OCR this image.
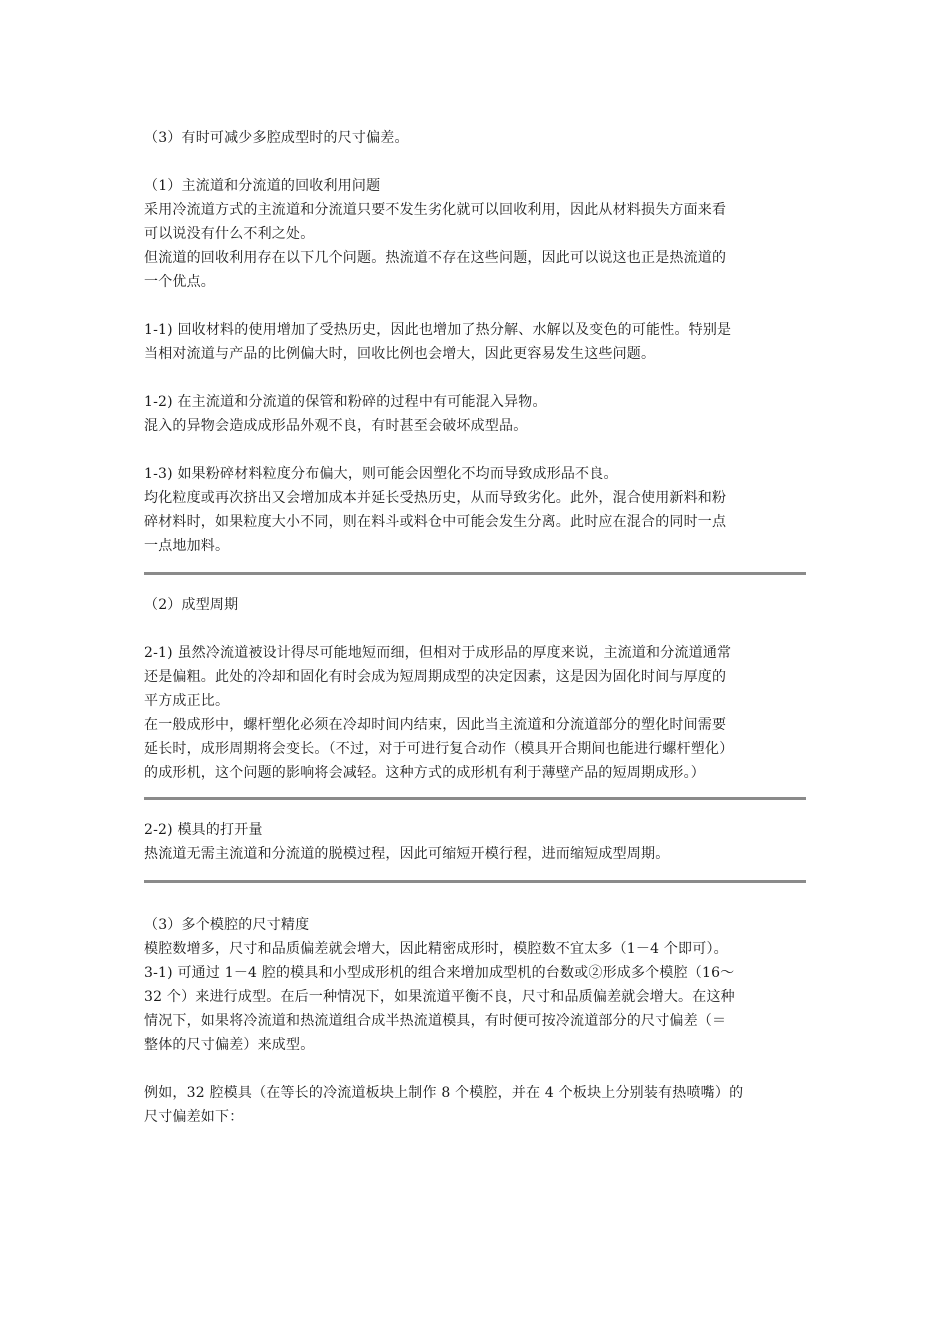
（3）有时可减少多腔成型时的尺寸偏差。
（1）主流道和分流道的回收利用问题
采用冷流道方式的主流道和分流道只要不发生劣化就可以回收利用，因此从材料损失方面来看
可以说没有什么不利之处。
但流道的回收利用存在以下几个问题。热流道不存在这些问题，因此可以说这也正是热流道的
一个优点。
1-1) 回收材料的使用增加了受热历史，因此也增加了热分解、水解以及变色的可能性。特别是
当相对流道与产品的比例偏大时，回收比例也会增大，因此更容易发生这些问题。
1-2) 在主流道和分流道的保管和粉碎的过程中有可能混入异物。
混入的异物会造成成形品外观不良，有时甚至会破坏成型品。
1-3) 如果粉碎材料粒度分布偏大，则可能会因塑化不均而导致成形品不良。
均化粒度或再次挤出又会增加成本并延长受热历史，从而导致劣化。此外，混合使用新料和粉
碎材料时，如果粒度大小不同，则在料斗或料仓中可能会发生分离。此时应在混合的同时一点
一点地加料。
（2）成型周期
2-1) 虽然冷流道被设计得尽可能地短而细，但相对于成形品的厚度来说，主流道和分流道通常
还是偏粗。此处的冷却和固化有时会成为短周期成型的决定因素，这是因为固化时间与厚度的
平方成正比。
在一般成形中，螺杆塑化必须在冷却时间内结束，因此当主流道和分流道部分的塑化时间需要
延长时，成形周期将会变长。（不过，对于可进行复合动作（模具开合期间也能进行螺杆塑化）
的成形机，这个问题的影响将会减轻。这种方式的成形机有利于薄壁产品的短周期成形。）
2-2) 模具的打开量
热流道无需主流道和分流道的脱模过程，因此可缩短开模行程，进而缩短成型周期。
（3）多个模腔的尺寸精度
模腔数增多，尺寸和品质偏差就会增大，因此精密成形时，模腔数不宜太多（1－4 个即可）。
3-1) 可通过 1－4 腔的模具和小型成形机的组合来增加成型机的台数或②形成多个模腔（16～
32 个）来进行成型。在后一种情况下，如果流道平衡不良，尺寸和品质偏差就会增大。在这种
情况下，如果将冷流道和热流道组合成半热流道模具，有时便可按冷流道部分的尺寸偏差（＝
整体的尺寸偏差）来成型。
例如，32 腔模具（在等长的冷流道板块上制作 8 个模腔，并在 4 个板块上分别装有热喷嘴）的
尺寸偏差如下：
